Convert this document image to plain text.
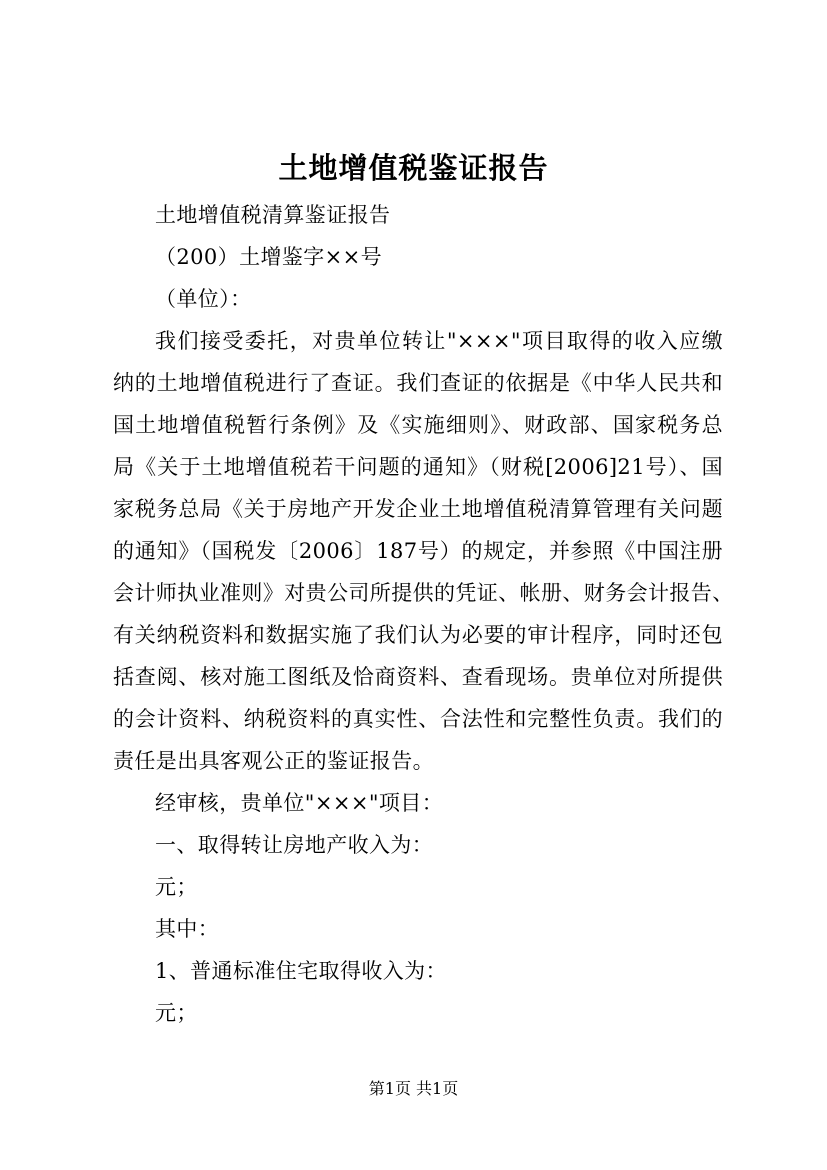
土地增值税鉴证报告
土地增值税清算鉴证报告
（200）土增鉴字××号
（单位）：
我们接受委托，对贵单位转让"×××"项目取得的收入应缴
纳的土地增值税进行了查证。我们查证的依据是《中华人民共和
国土地增值税暂行条例》及《实施细则》、财政部、国家税务总
局《关于土地增值税若干问题的通知》（财税[2006]21号）、国
家税务总局《关于房地产开发企业土地增值税清算管理有关问题
的通知》（国税发〔2006〕187号）的规定，并参照《中国注册
会计师执业准则》对贵公司所提供的凭证、帐册、财务会计报告、
有关纳税资料和数据实施了我们认为必要的审计程序，同时还包
括查阅、核对施工图纸及恰商资料、查看现场。贵单位对所提供
的会计资料、纳税资料的真实性、合法性和完整性负责。我们的
责任是出具客观公正的鉴证报告。
经审核，贵单位"×××"项目：
一、取得转让房地产收入为：
元；
其中：
1、普通标准住宅取得收入为：
元；
第1页 共1页
